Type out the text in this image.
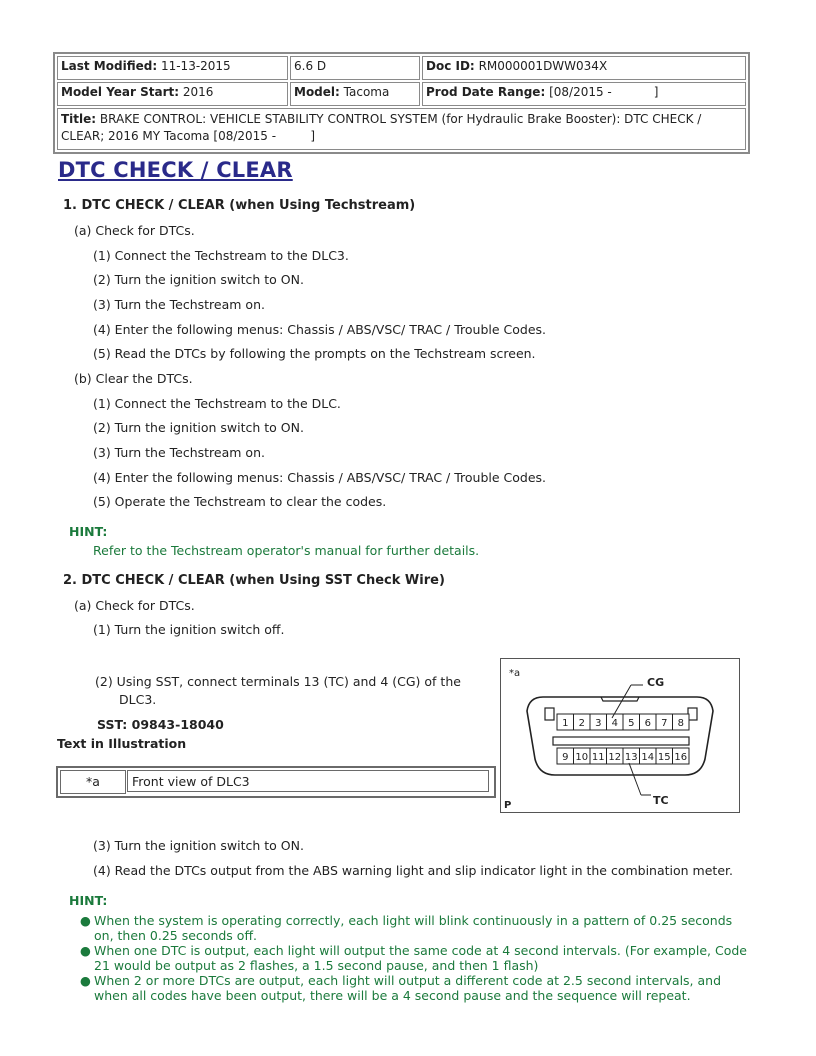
Last Modified: 11-13-2015	6.6 D	Doc ID: RM000001DWW034X
Model Year Start: 2016	Model: Tacoma	Prod Date Range: [08/2015 -           ]
Title: BRAKE CONTROL: VEHICLE STABILITY CONTROL SYSTEM (for Hydraulic Brake Booster): DTC CHECK / CLEAR; 2016 MY Tacoma [08/2015 -         ]		
DTC CHECK / CLEAR
1. DTC CHECK / CLEAR (when Using Techstream)
(a) Check for DTCs.
(1) Connect the Techstream to the DLC3.
(2) Turn the ignition switch to ON.
(3) Turn the Techstream on.
(4) Enter the following menus: Chassis / ABS/VSC/ TRAC / Trouble Codes.
(5) Read the DTCs by following the prompts on the Techstream screen.
(b) Clear the DTCs.
(1) Connect the Techstream to the DLC.
(2) Turn the ignition switch to ON.
(3) Turn the Techstream on.
(4) Enter the following menus: Chassis / ABS/VSC/ TRAC / Trouble Codes.
(5) Operate the Techstream to clear the codes.
HINT:
Refer to the Techstream operator's manual for further details.
2. DTC CHECK / CLEAR (when Using SST Check Wire)
(a) Check for DTCs.
(1) Turn the ignition switch off.
(2) Using SST, connect terminals 13 (TC) and 4 (CG) of the
DLC3.
SST: 09843-18040
Text in Illustration
*a	Front view of DLC3
*a
P
1 2 3 4 5 6 7 8
9 10 11 12 13 14 15 16
CG
TC
(3) Turn the ignition switch to ON.
(4) Read the DTCs output from the ABS warning light and slip indicator light in the combination meter.
HINT:
● When the system is operating correctly, each light will blink continuously in a pattern of 0.25 seconds on, then 0.25 seconds off.
● When one DTC is output, each light will output the same code at 4 second intervals. (For example, Code 21 would be output as 2 flashes, a 1.5 second pause, and then 1 flash)
● When 2 or more DTCs are output, each light will output a different code at 2.5 second intervals, and when all codes have been output, there will be a 4 second pause and the sequence will repeat.
